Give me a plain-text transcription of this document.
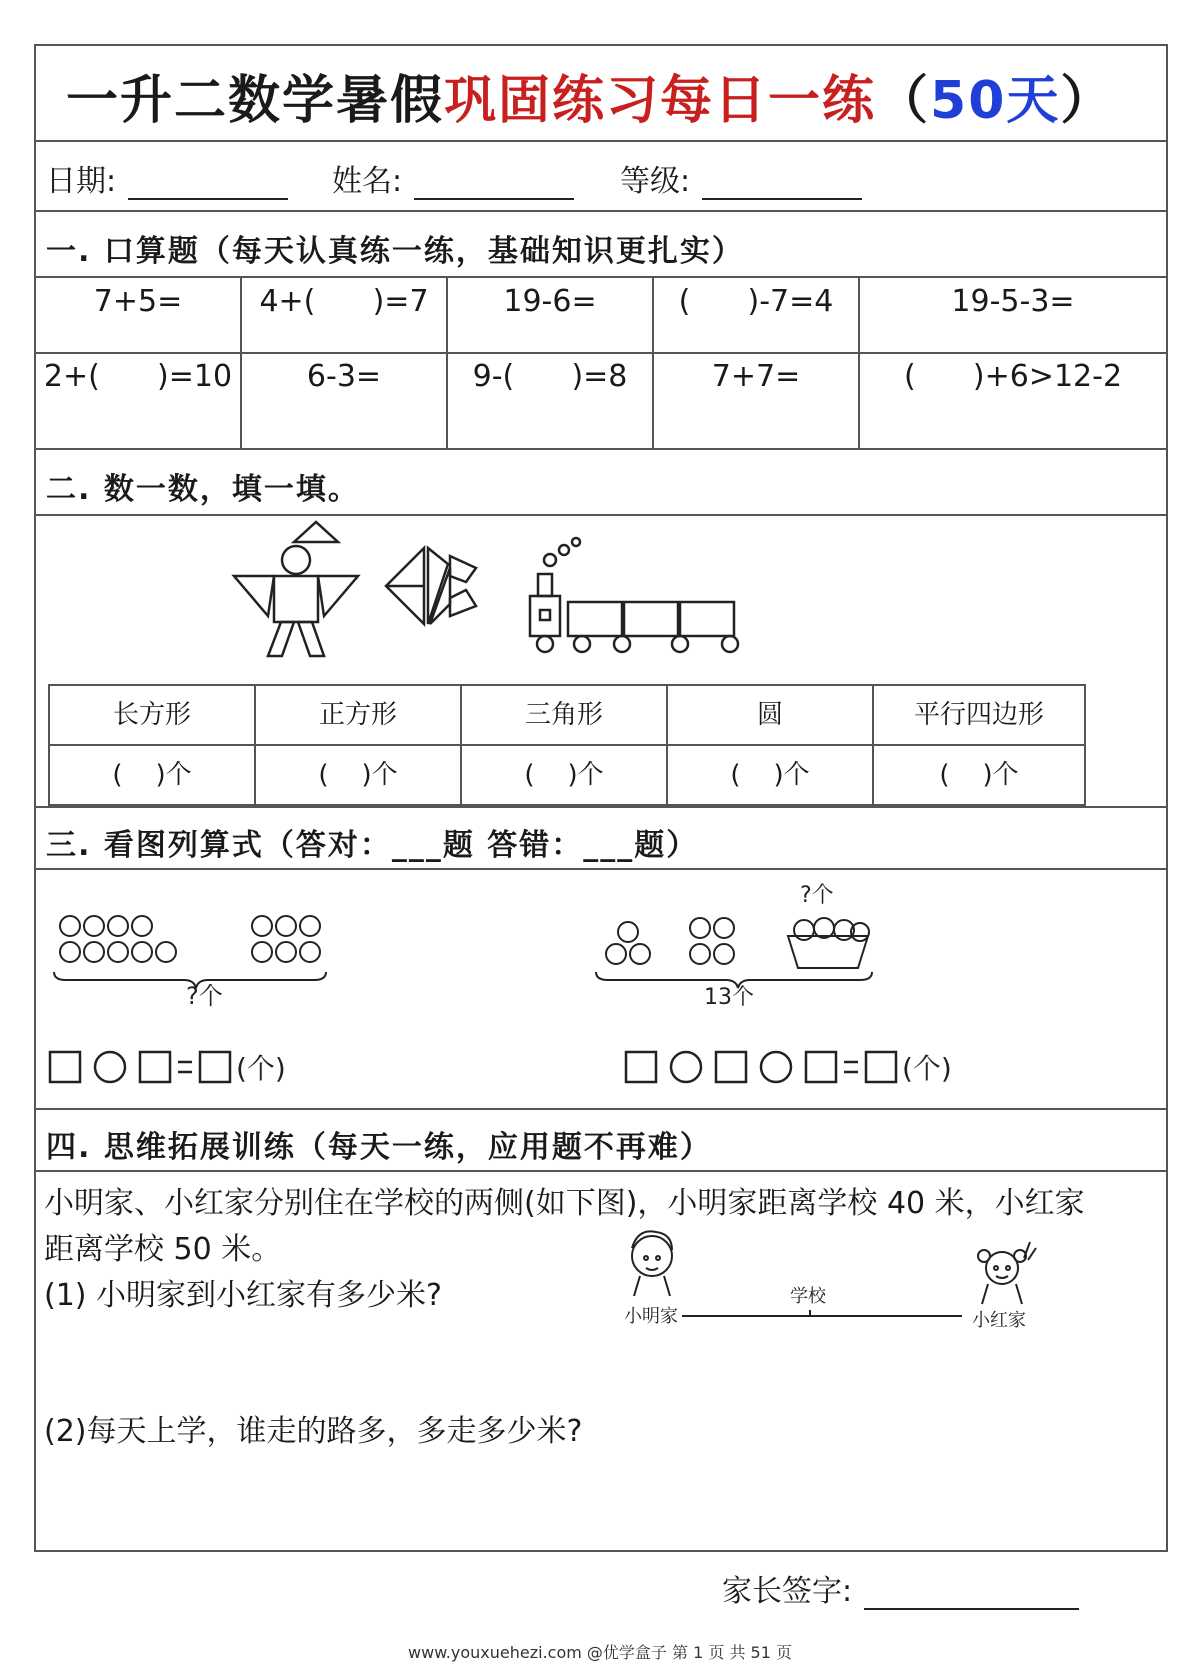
一升二数学暑假巩固练习每日一练（50天）
日期:	姓名:	等级:
一. 口算题（每天认真练一练，基础知识更扎实）
7+5=	4+(      )=7	19-6=	(      )-7=4	19-5-3=
2+(      )=10	6-3=	9-(      )=8	7+7=	(      )+6>12-2
二. 数一数，填一填。
长方形	正方形	三角形	圆	平行四边形
(    )个	(    )个	(    )个	(    )个	(    )个
三. 看图列算式（答对：___题 答错：___题）
?个
?个
13个
(个)	(个)
四. 思维拓展训练（每天一练，应用题不再难）
小明家、小红家分别住在学校的两侧(如下图)，小明家距离学校 40 米，小红家
距离学校 50 米。
(1) 小明家到小红家有多少米?
(2)每天上学，谁走的路多，多走多少米?
小明家
学校
小红家
家长签字:
www.youxuehezi.com @优学盒子 第 1 页 共 51 页
